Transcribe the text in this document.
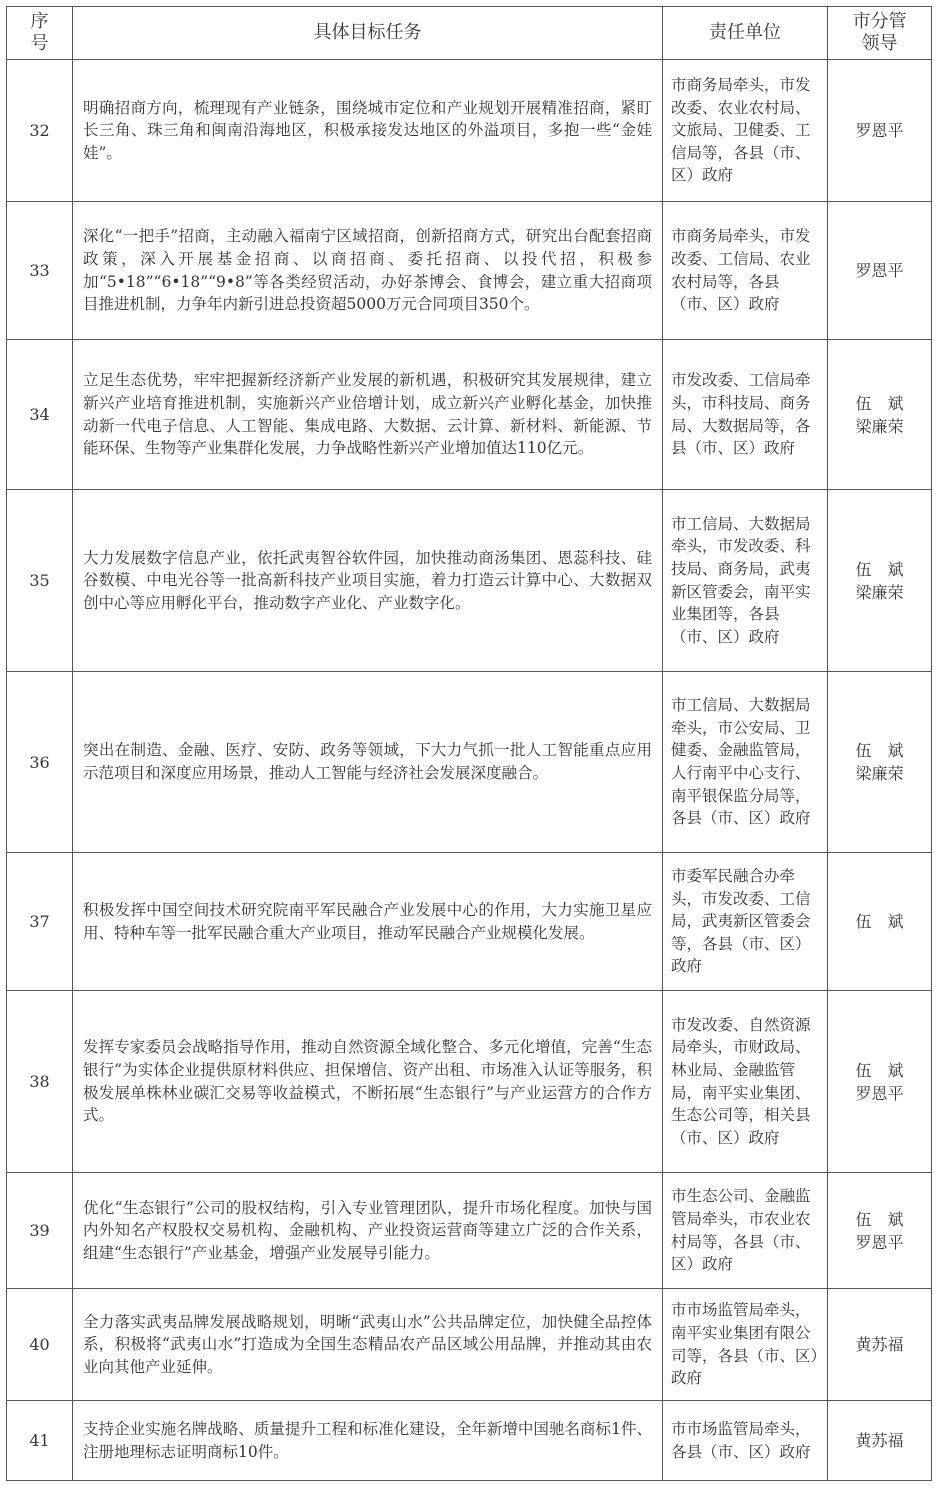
序
号	具体目标任务	责任单位	市分管
领导

32	明确招商方向，梳理现有产业链条，围绕城市定位和产业规划开展精准招商，紧盯长三角、珠三角和闽南沿海地区，积极承接发达地区的外溢项目，多抱一些“金娃娃”。	市商务局牵头，市发改委、农业农村局、文旅局、卫健委、工信局等，各县（市、区）政府	罗恩平

33	深化“一把手”招商，主动融入福南宁区域招商，创新招商方式，研究出台配套招商政策，深入开展基金招商、以商招商、委托招商、以投代招，积极参加“5•18”“6•18”“9•8”等各类经贸活动，办好茶博会、食博会，建立重大招商项目推进机制，力争年内新引进总投资超5000万元合同项目350个。	市商务局牵头，市发改委、工信局、农业农村局等，各县（市、区）政府	罗恩平

34	立足生态优势，牢牢把握新经济新产业发展的新机遇，积极研究其发展规律，建立新兴产业培育推进机制，实施新兴产业倍增计划，成立新兴产业孵化基金，加快推动新一代电子信息、人工智能、集成电路、大数据、云计算、新材料、新能源、节能环保、生物等产业集群化发展，力争战略性新兴产业增加值达110亿元。	市发改委、工信局牵头，市科技局、商务局、大数据局等，各县（市、区）政府	伍　斌
梁廉荣

35	大力发展数字信息产业，依托武夷智谷软件园，加快推动商汤集团、恩蕊科技、硅谷数模、中电光谷等一批高新科技产业项目实施，着力打造云计算中心、大数据双创中心等应用孵化平台，推动数字产业化、产业数字化。	市工信局、大数据局牵头，市发改委、科技局、商务局，武夷新区管委会，南平实业集团等，各县（市、区）政府	伍　斌
梁廉荣

36	突出在制造、金融、医疗、安防、政务等领域，下大力气抓一批人工智能重点应用示范项目和深度应用场景，推动人工智能与经济社会发展深度融合。	市工信局、大数据局牵头，市公安局、卫健委、金融监管局，人行南平中心支行、南平银保监分局等，各县（市、区）政府	伍　斌
梁廉荣

37	积极发挥中国空间技术研究院南平军民融合产业发展中心的作用，大力实施卫星应用、特种车等一批军民融合重大产业项目，推动军民融合产业规模化发展。	市委军民融合办牵头，市发改委、工信局，武夷新区管委会等，各县（市、区）政府	伍　斌

38	发挥专家委员会战略指导作用，推动自然资源全域化整合、多元化增值，完善“生态银行”为实体企业提供原材料供应、担保增信、资产出租、市场准入认证等服务，积极发展单株林业碳汇交易等收益模式，不断拓展“生态银行”与产业运营方的合作方式。	市发改委、自然资源局牵头，市财政局、林业局、金融监管局，南平实业集团、生态公司等，相关县（市、区）政府	伍　斌
罗恩平

39	优化“生态银行”公司的股权结构，引入专业管理团队，提升市场化程度。加快与国内外知名产权股权交易机构、金融机构、产业投资运营商等建立广泛的合作关系，组建“生态银行”产业基金，增强产业发展导引能力。	市生态公司、金融监管局牵头，市农业农村局等，各县（市、区）政府	伍　斌
罗恩平

40	全力落实武夷品牌发展战略规划，明晰“武夷山水”公共品牌定位，加快健全品控体系，积极将“武夷山水”打造成为全国生态精品农产品区域公用品牌，并推动其由农业向其他产业延伸。	市市场监管局牵头，南平实业集团有限公司等，各县（市、区）政府	黄苏福

41	支持企业实施名牌战略、质量提升工程和标准化建设，全年新增中国驰名商标1件、注册地理标志证明商标10件。	市市场监管局牵头，各县（市、区）政府	黄苏福
